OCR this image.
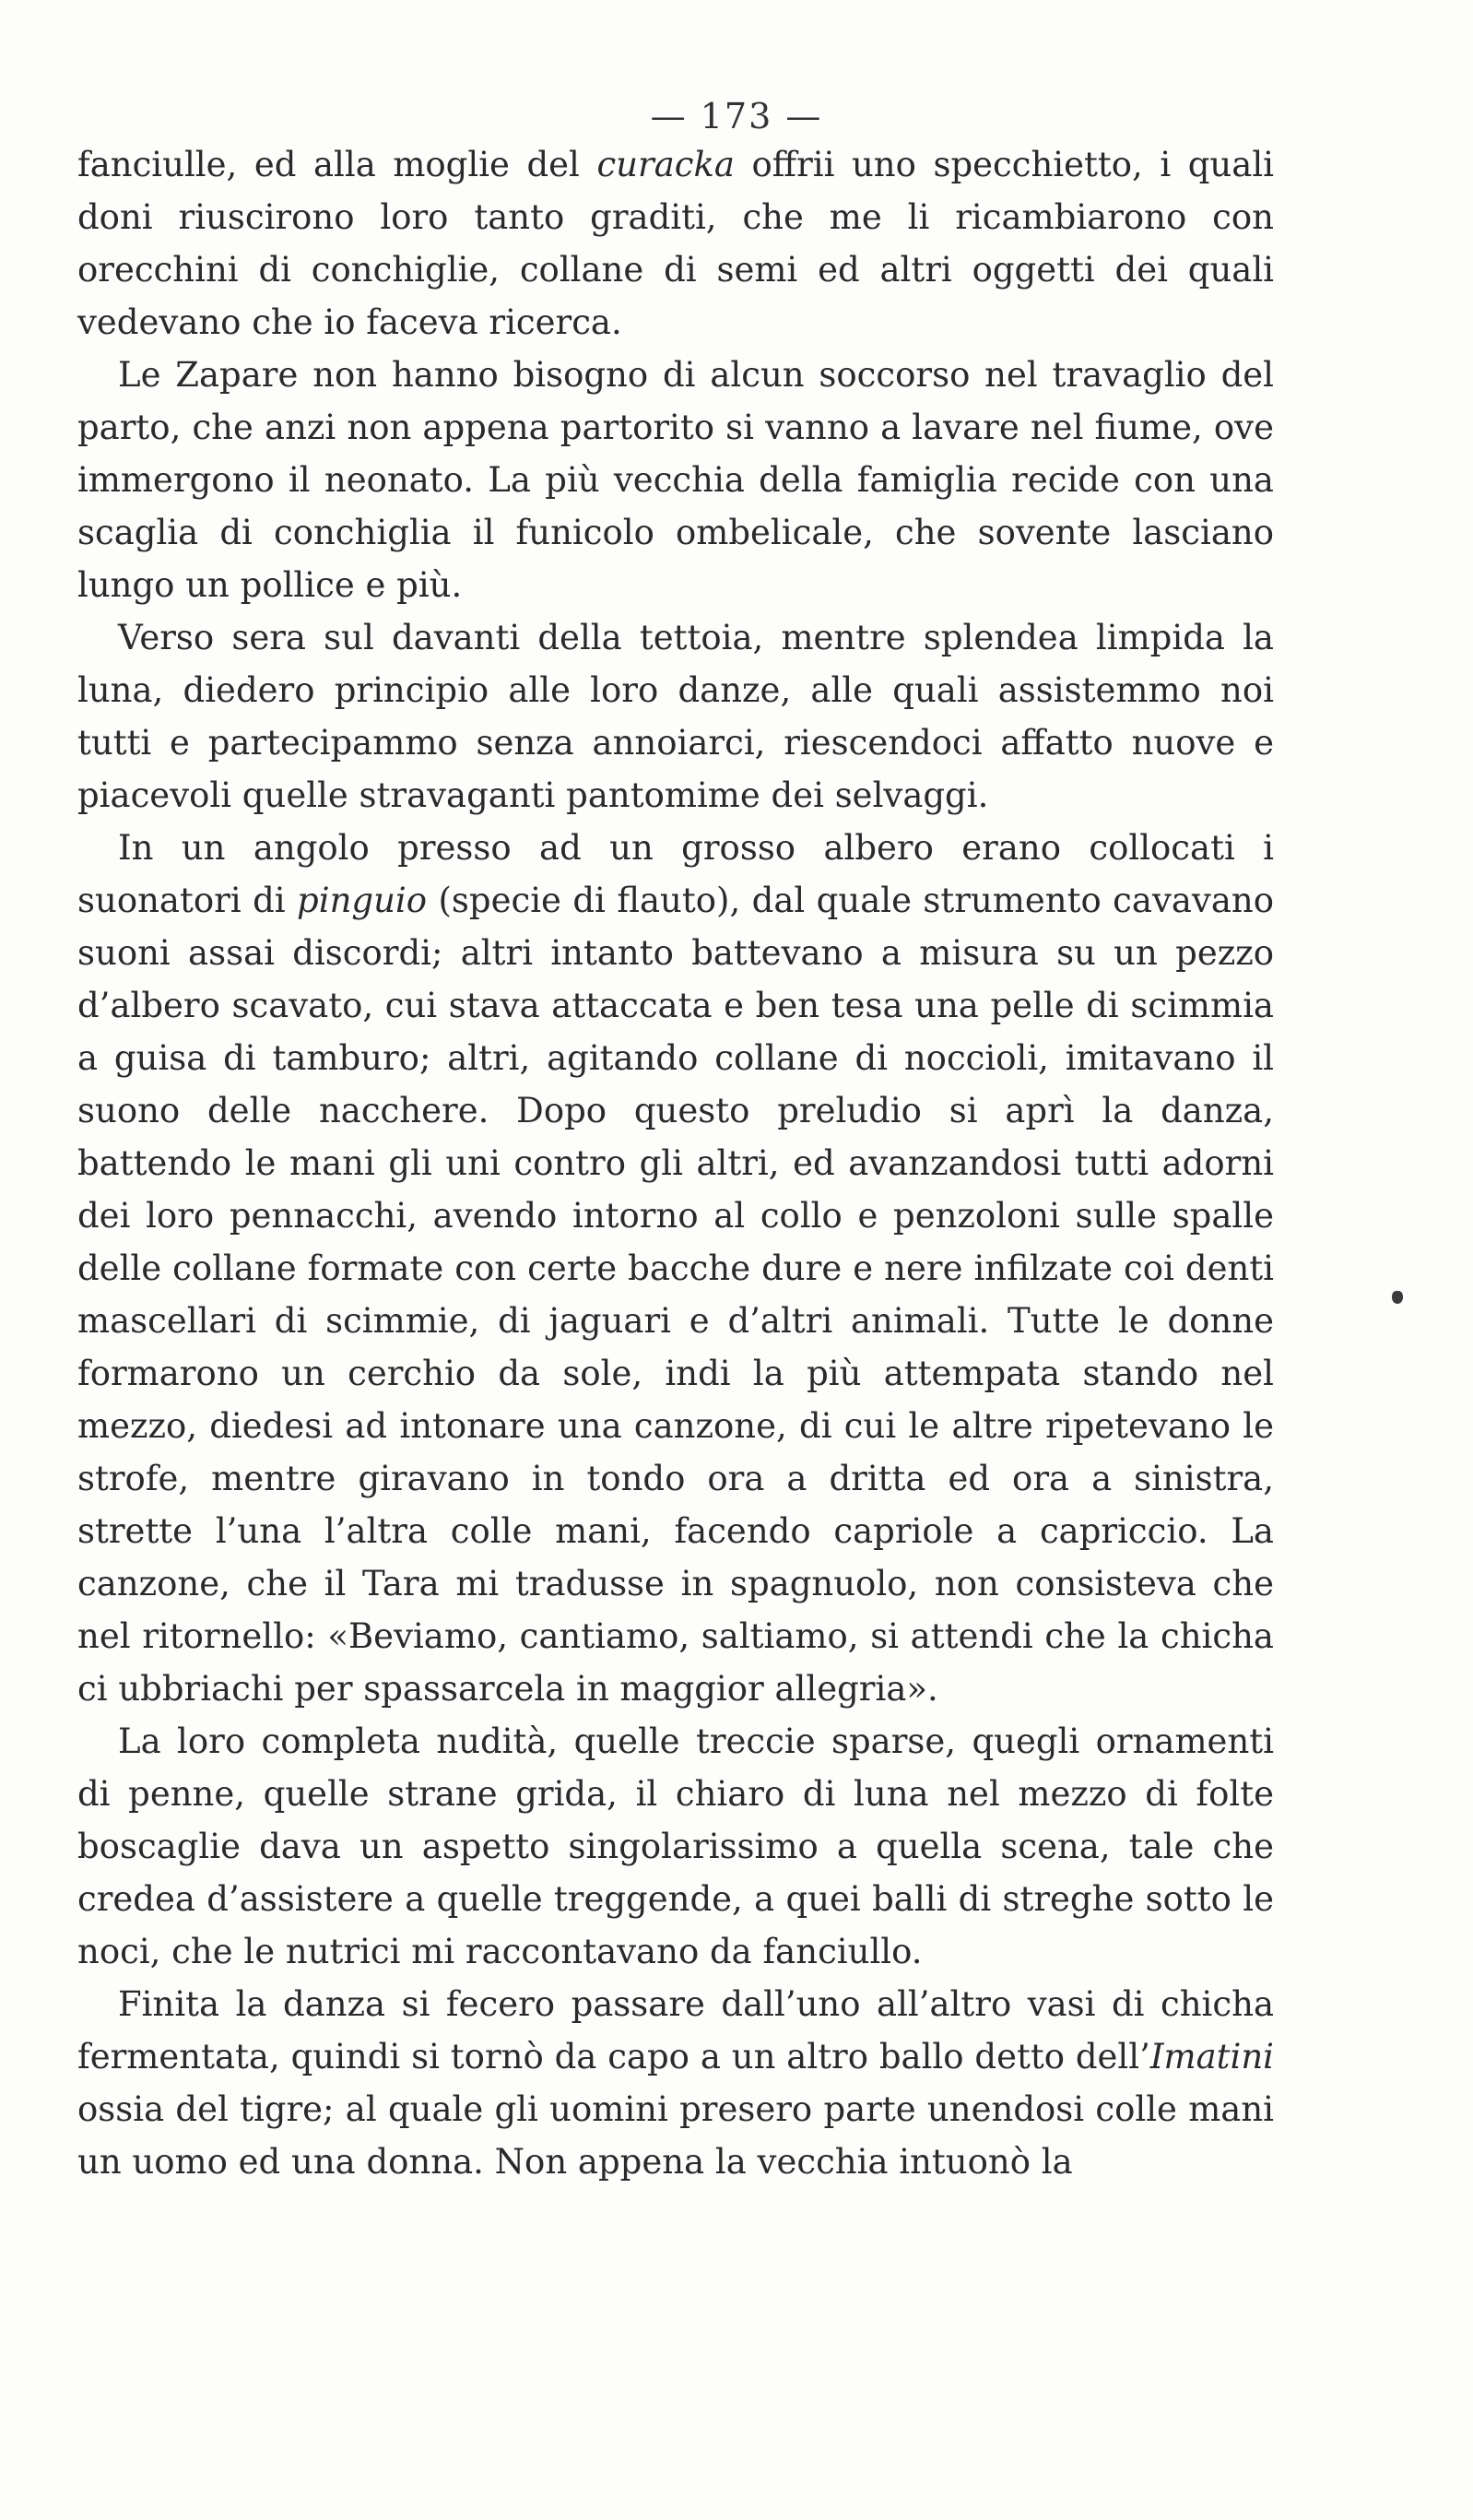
— 173 —

fanciulle, ed alla moglie del curacka offrii uno specchietto, i quali doni riuscirono loro tanto graditi, che me li ricambiarono con orecchini di conchiglie, collane di semi ed altri oggetti dei quali vedevano che io faceva ricerca.

Le Zapare non hanno bisogno di alcun soccorso nel travaglio del parto, che anzi non appena partorito si vanno a lavare nel fiume, ove immergono il neonato. La più vecchia della famiglia recide con una scaglia di conchiglia il funicolo ombelicale, che sovente lasciano lungo un pollice e più.

Verso sera sul davanti della tettoia, mentre splendea limpida la luna, diedero principio alle loro danze, alle quali assistemmo noi tutti e partecipammo senza annoiarci, riescendoci affatto nuove e piacevoli quelle stravaganti pantomime dei selvaggi.

In un angolo presso ad un grosso albero erano collocati i suonatori di pinguio (specie di flauto), dal quale strumento cavavano suoni assai discordi; altri intanto battevano a misura su un pezzo d’albero scavato, cui stava attaccata e ben tesa una pelle di scimmia a guisa di tamburo; altri, agitando collane di noccioli, imitavano il suono delle nacchere. Dopo questo preludio si aprì la danza, battendo le mani gli uni contro gli altri, ed avanzandosi tutti adorni dei loro pennacchi, avendo intorno al collo e penzoloni sulle spalle delle collane formate con certe bacche dure e nere infilzate coi denti mascellari di scimmie, di jaguari e d’altri animali. Tutte le donne formarono un cerchio da sole, indi la più attempata stando nel mezzo, diedesi ad intonare una canzone, di cui le altre ripetevano le strofe, mentre giravano in tondo ora a dritta ed ora a sinistra, strette l’una l’altra colle mani, facendo capriole a capriccio. La canzone, che il Tara mi tradusse in spagnuolo, non consisteva che nel ritornello: «Beviamo, cantiamo, saltiamo, si attendi che la chicha ci ubbriachi per spassarcela in maggior allegria».

La loro completa nudità, quelle treccie sparse, quegli ornamenti di penne, quelle strane grida, il chiaro di luna nel mezzo di folte boscaglie dava un aspetto singolarissimo a quella scena, tale che credea d’assistere a quelle treggende, a quei balli di streghe sotto le noci, che le nutrici mi raccontavano da fanciullo.

Finita la danza si fecero passare dall’uno all’altro vasi di chicha fermentata, quindi si tornò da capo a un altro ballo detto dell’Imatini ossia del tigre; al quale gli uomini presero parte unendosi colle mani un uomo ed una donna. Non appena la vecchia intuonò la
